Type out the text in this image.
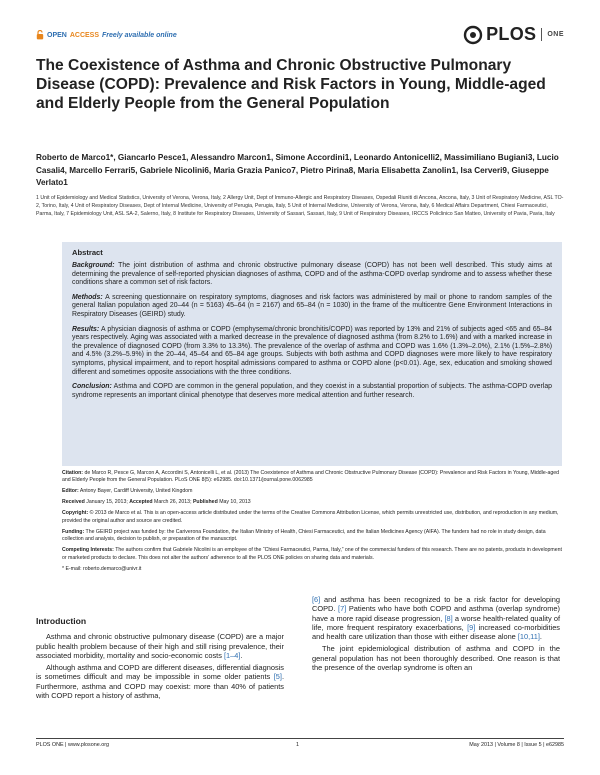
OPEN ACCESS Freely available online	PLOS ONE
The Coexistence of Asthma and Chronic Obstructive Pulmonary Disease (COPD): Prevalence and Risk Factors in Young, Middle-aged and Elderly People from the General Population
Roberto de Marco1*, Giancarlo Pesce1, Alessandro Marcon1, Simone Accordini1, Leonardo Antonicelli2, Massimiliano Bugiani3, Lucio Casali4, Marcello Ferrari5, Gabriele Nicolini6, Maria Grazia Panico7, Pietro Pirina8, Maria Elisabetta Zanolin1, Isa Cerveri9, Giuseppe Verlato1
1 Unit of Epidemiology and Medical Statistics, University of Verona, Verona, Italy, 2 Allergy Unit, Dept of Immuno-Allergic and Respiratory Diseases, Ospedali Riuniti di Ancona, Ancona, Italy, 3 Unit of Respiratory Medicine, ASL TO-2, Torino, Italy, 4 Unit of Respiratory Diseases, Dept of Internal Medicine, University of Perugia, Perugia, Italy, 5 Unit of Internal Medicine, University of Verona, Verona, Italy, 6 Medical Affairs Department, Chiesi Farmaceutici, Parma, Italy, 7 Epidemiology Unit, ASL SA-2, Salerno, Italy, 8 Institute for Respiratory Diseases, University of Sassari, Sassari, Italy, 9 Unit of Respiratory Diseases, IRCCS Policlinico San Matteo, University of Pavia, Pavia, Italy
Abstract

Background: The joint distribution of asthma and chronic obstructive pulmonary disease (COPD) has not been well described. This study aims at determining the prevalence of self-reported physician diagnoses of asthma, COPD and of the asthma-COPD overlap syndrome and to assess whether these conditions share a common set of risk factors.

Methods: A screening questionnaire on respiratory symptoms, diagnoses and risk factors was administered by mail or phone to random samples of the general Italian population aged 20–44 (n = 5163) 45–64 (n = 2167) and 65–84 (n = 1030) in the frame of the multicentre Gene Environment Interactions in Respiratory Diseases (GEIRD) study.

Results: A physician diagnosis of asthma or COPD (emphysema/chronic bronchitis/COPD) was reported by 13% and 21% of subjects aged <65 and 65–84 years respectively. Aging was associated with a marked decrease in the prevalence of diagnosed asthma (from 8.2% to 1.6%) and with a marked increase in the prevalence of diagnosed COPD (from 3.3% to 13.3%). The prevalence of the overlap of asthma and COPD was 1.6% (1.3%–2.0%), 2.1% (1.5%–2.8%) and 4.5% (3.2%–5.9%) in the 20–44, 45–64 and 65–84 age groups. Subjects with both asthma and COPD diagnoses were more likely to have respiratory symptoms, physical impairment, and to report hospital admissions compared to asthma or COPD alone (p<0.01). Age, sex, education and smoking showed different and sometimes opposite associations with the three conditions.

Conclusion: Asthma and COPD are common in the general population, and they coexist in a substantial proportion of subjects. The asthma-COPD overlap syndrome represents an important clinical phenotype that deserves more medical attention and further research.

Citation: de Marco R, Pesce G, Marcon A, Accordini S, Antonicelli L, et al. (2013) The Coexistence of Asthma and Chronic Obstructive Pulmonary Disease (COPD): Prevalence and Risk Factors in Young, Middle-aged and Elderly People from the General Population. PLoS ONE 8(5): e62985. doi:10.1371/journal.pone.0062985

Editor: Antony Bayer, Cardiff University, United Kingdom

Received January 15, 2013; Accepted March 26, 2013; Published May 10, 2013

Copyright: © 2013 de Marco et al. This is an open-access article distributed under the terms of the Creative Commons Attribution License, which permits unrestricted use, distribution, and reproduction in any medium, provided the original author and source are credited.

Funding: The GEIRD project was funded by: the Cariverona Foundation, the Italian Ministry of Health, Chiesi Farmaceutici, and the Italian Medicines Agency (AIFA). The funders had no role in study design, data collection and analysis, decision to publish, or preparation of the manuscript.

Competing Interests: The authors confirm that Gabriele Nicolini is an employee of the “Chiesi Farmaceutici, Parma, Italy,” one of the commercial funders of this research. There are no patents, products in development or marketed products to declare. This does not alter the authors’ adherence to all the PLOS ONE policies on sharing data and materials.

* E-mail: roberto.demarco@univr.it

Introduction

Asthma and chronic obstructive pulmonary disease (COPD) are a major public health problem because of their high and still rising prevalence, their associated morbidity, mortality and socio-economic costs [1–4].

Although asthma and COPD are different diseases, differential diagnosis is sometimes difficult and may be impossible in some older patients [5]. Furthermore, asthma and COPD may coexist: more than 40% of patients with COPD report a history of asthma,

[6] and asthma has been recognized to be a risk factor for developing COPD. [7] Patients who have both COPD and asthma (overlap syndrome) have a more rapid disease progression, [8] a worse health-related quality of life, more frequent respiratory exacerbations, [9] increased co-morbidities and health care utilization than those with either disease alone [10,11].

The joint epidemiological distribution of asthma and COPD in the general population has not been thoroughly described. One reason is that the presence of the overlap syndrome is often an

PLOS ONE | www.plosone.org	1	May 2013 | Volume 8 | Issue 5 | e62985
